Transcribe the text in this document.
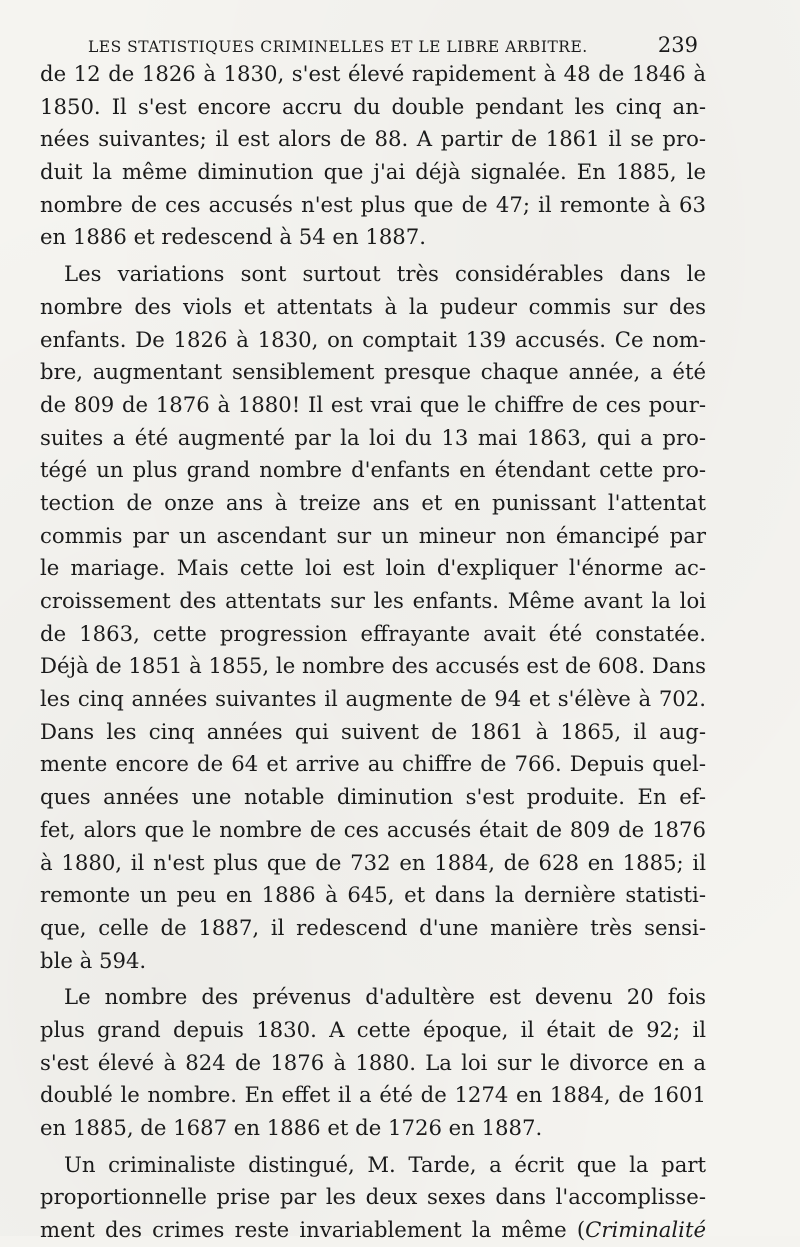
LES STATISTIQUES CRIMINELLES ET LE LIBRE ARBITRE.	239
de 12 de 1826 à 1830, s'est élevé rapidement à 48 de 1846 à
1850. Il s'est encore accru du double pendant les cinq an-
nées suivantes; il est alors de 88. A partir de 1861 il se pro-
duit la même diminution que j'ai déjà signalée. En 1885, le
nombre de ces accusés n'est plus que de 47; il remonte à 63
en 1886 et redescend à 54 en 1887.
Les variations sont surtout très considérables dans le
nombre des viols et attentats à la pudeur commis sur des
enfants. De 1826 à 1830, on comptait 139 accusés. Ce nom-
bre, augmentant sensiblement presque chaque année, a été
de 809 de 1876 à 1880! Il est vrai que le chiffre de ces pour-
suites a été augmenté par la loi du 13 mai 1863, qui a pro-
tégé un plus grand nombre d'enfants en étendant cette pro-
tection de onze ans à treize ans et en punissant l'attentat
commis par un ascendant sur un mineur non émancipé par
le mariage. Mais cette loi est loin d'expliquer l'énorme ac-
croissement des attentats sur les enfants. Même avant la loi
de 1863, cette progression effrayante avait été constatée.
Déjà de 1851 à 1855, le nombre des accusés est de 608. Dans
les cinq années suivantes il augmente de 94 et s'élève à 702.
Dans les cinq années qui suivent de 1861 à 1865, il aug-
mente encore de 64 et arrive au chiffre de 766. Depuis quel-
ques années une notable diminution s'est produite. En ef-
fet, alors que le nombre de ces accusés était de 809 de 1876
à 1880, il n'est plus que de 732 en 1884, de 628 en 1885; il
remonte un peu en 1886 à 645, et dans la dernière statisti-
que, celle de 1887, il redescend d'une manière très sensi-
ble à 594.
Le nombre des prévenus d'adultère est devenu 20 fois
plus grand depuis 1830. A cette époque, il était de 92; il
s'est élevé à 824 de 1876 à 1880. La loi sur le divorce en a
doublé le nombre. En effet il a été de 1274 en 1884, de 1601
en 1885, de 1687 en 1886 et de 1726 en 1887.
Un criminaliste distingué, M. Tarde, a écrit que la part
proportionnelle prise par les deux sexes dans l'accomplisse-
ment des crimes reste invariablement la même (Criminalité
